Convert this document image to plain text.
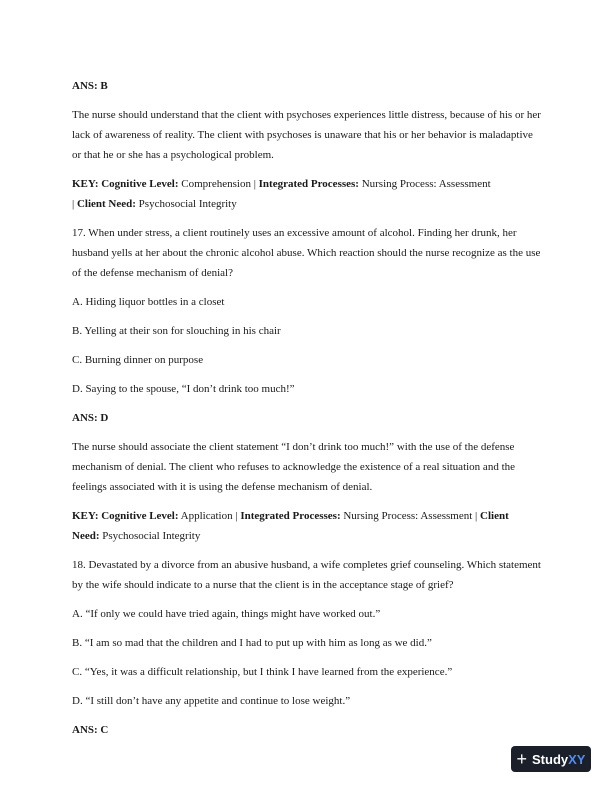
ANS: B

The nurse should understand that the client with psychoses experiences little distress, because of his or her lack of awareness of reality. The client with psychoses is unaware that his or her behavior is maladaptive or that he or she has a psychological problem.

KEY: Cognitive Level: Comprehension | Integrated Processes: Nursing Process: Assessment
| Client Need: Psychosocial Integrity

17. When under stress, a client routinely uses an excessive amount of alcohol. Finding her drunk, her husband yells at her about the chronic alcohol abuse. Which reaction should the nurse recognize as the use of the defense mechanism of denial?

A. Hiding liquor bottles in a closet

B. Yelling at their son for slouching in his chair

C. Burning dinner on purpose

D. Saying to the spouse, “I don’t drink too much!”

ANS: D

The nurse should associate the client statement “I don’t drink too much!” with the use of the defense mechanism of denial. The client who refuses to acknowledge the existence of a real situation and the feelings associated with it is using the defense mechanism of denial.

KEY: Cognitive Level: Application | Integrated Processes: Nursing Process: Assessment | Client
Need: Psychosocial Integrity

18. Devastated by a divorce from an abusive husband, a wife completes grief counseling. Which statement by the wife should indicate to a nurse that the client is in the acceptance stage of grief?

A. “If only we could have tried again, things might have worked out.”

B. “I am so mad that the children and I had to put up with him as long as we did.”

C. “Yes, it was a difficult relationship, but I think I have learned from the experience.”

D. “I still don’t have any appetite and continue to lose weight.”

ANS: C

+ Study XY
